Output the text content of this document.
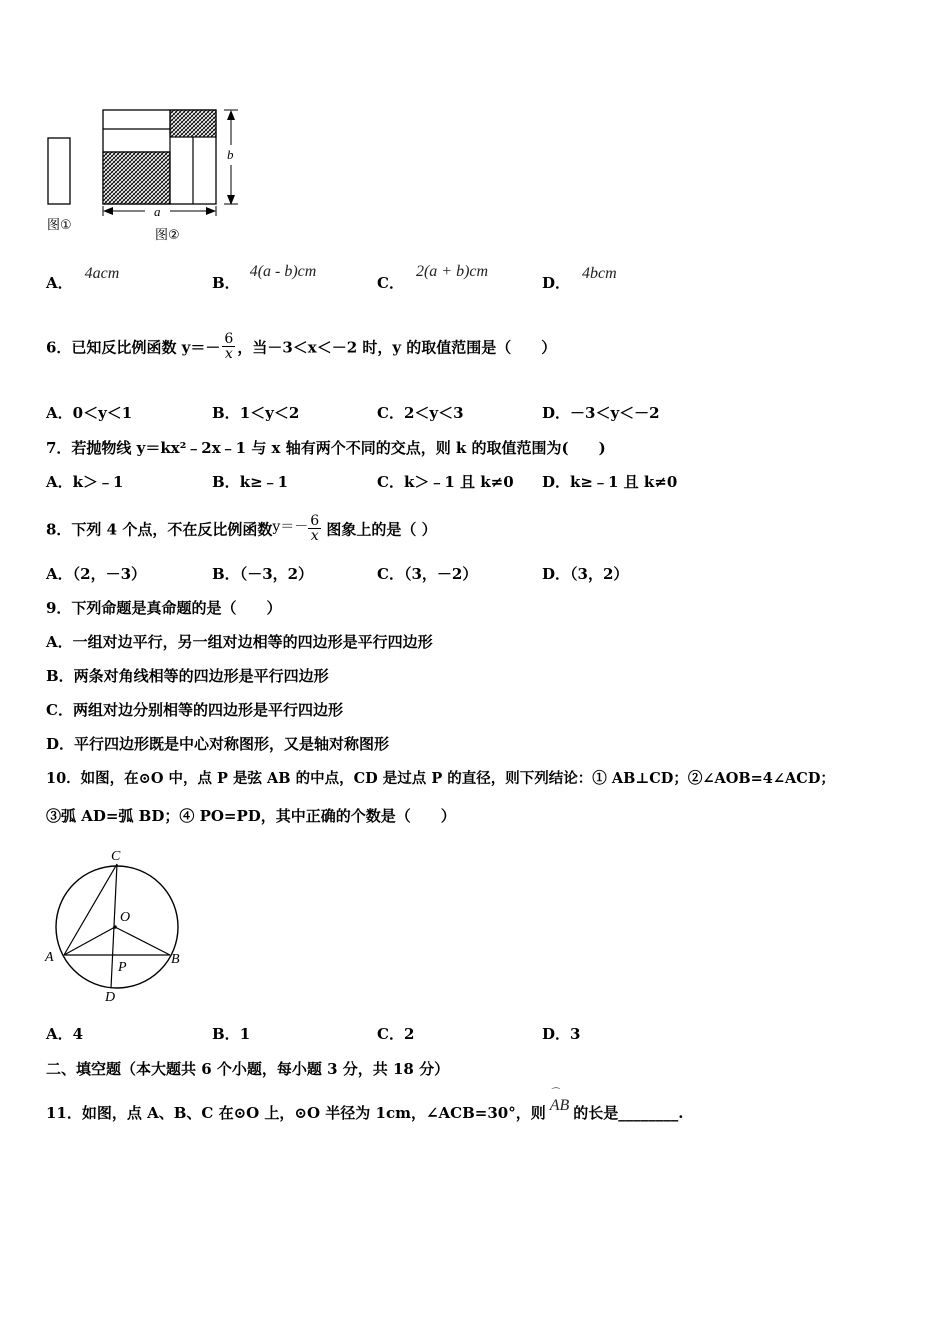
b
a
图①
图②
A．4acm
B．4(a - b)cm
C．2(a + b)cm
D．4bcm
6．已知反比例函数 $y=- \frac{6}{x}$ ，当－3＜x＜－2 时，y 的取值范围是（　　）
A．0＜y＜1	B．1＜y＜2	C．2＜y＜3	D．－3＜y＜－2
7．若抛物线 y＝kx²﹣2x﹣1 与 x 轴有两个不同的交点，则 k 的取值范围为(　　)
A．k＞﹣1	B．k≥﹣1	C．k＞﹣1 且 k≠0 D．k≥﹣1 且 k≠0
8．下列 4 个点，不在反比例函数$y=- \frac{6}{x}$ 图象上的是（ ）
A．（2，－3）	B．（－3，2）	C．（3，－2）	D．（3，2）
9．下列命题是真命题的是（　　）
A．一组对边平行，另一组对边相等的四边形是平行四边形
B．两条对角线相等的四边形是平行四边形
C．两组对边分别相等的四边形是平行四边形
D．平行四边形既是中心对称图形，又是轴对称图形
10．如图，在⊙O 中，点 P 是弦 AB 的中点，CD 是过点 P 的直径，则下列结论：① AB⊥CD；②∠AOB=4∠ACD；
③弧 AD=弧 BD；④ PO=PD，其中正确的个数是（　　）
C
O
A	B
P
D
A．4	B．1	C．2	D．3
二、填空题（本大题共 6 个小题，每小题 3 分，共 18 分）
11．如图，点 A、B、C 在⊙O 上，⊙O 半径为 1cm，∠ACB=30°，则
⌒
AB 的长是________.
